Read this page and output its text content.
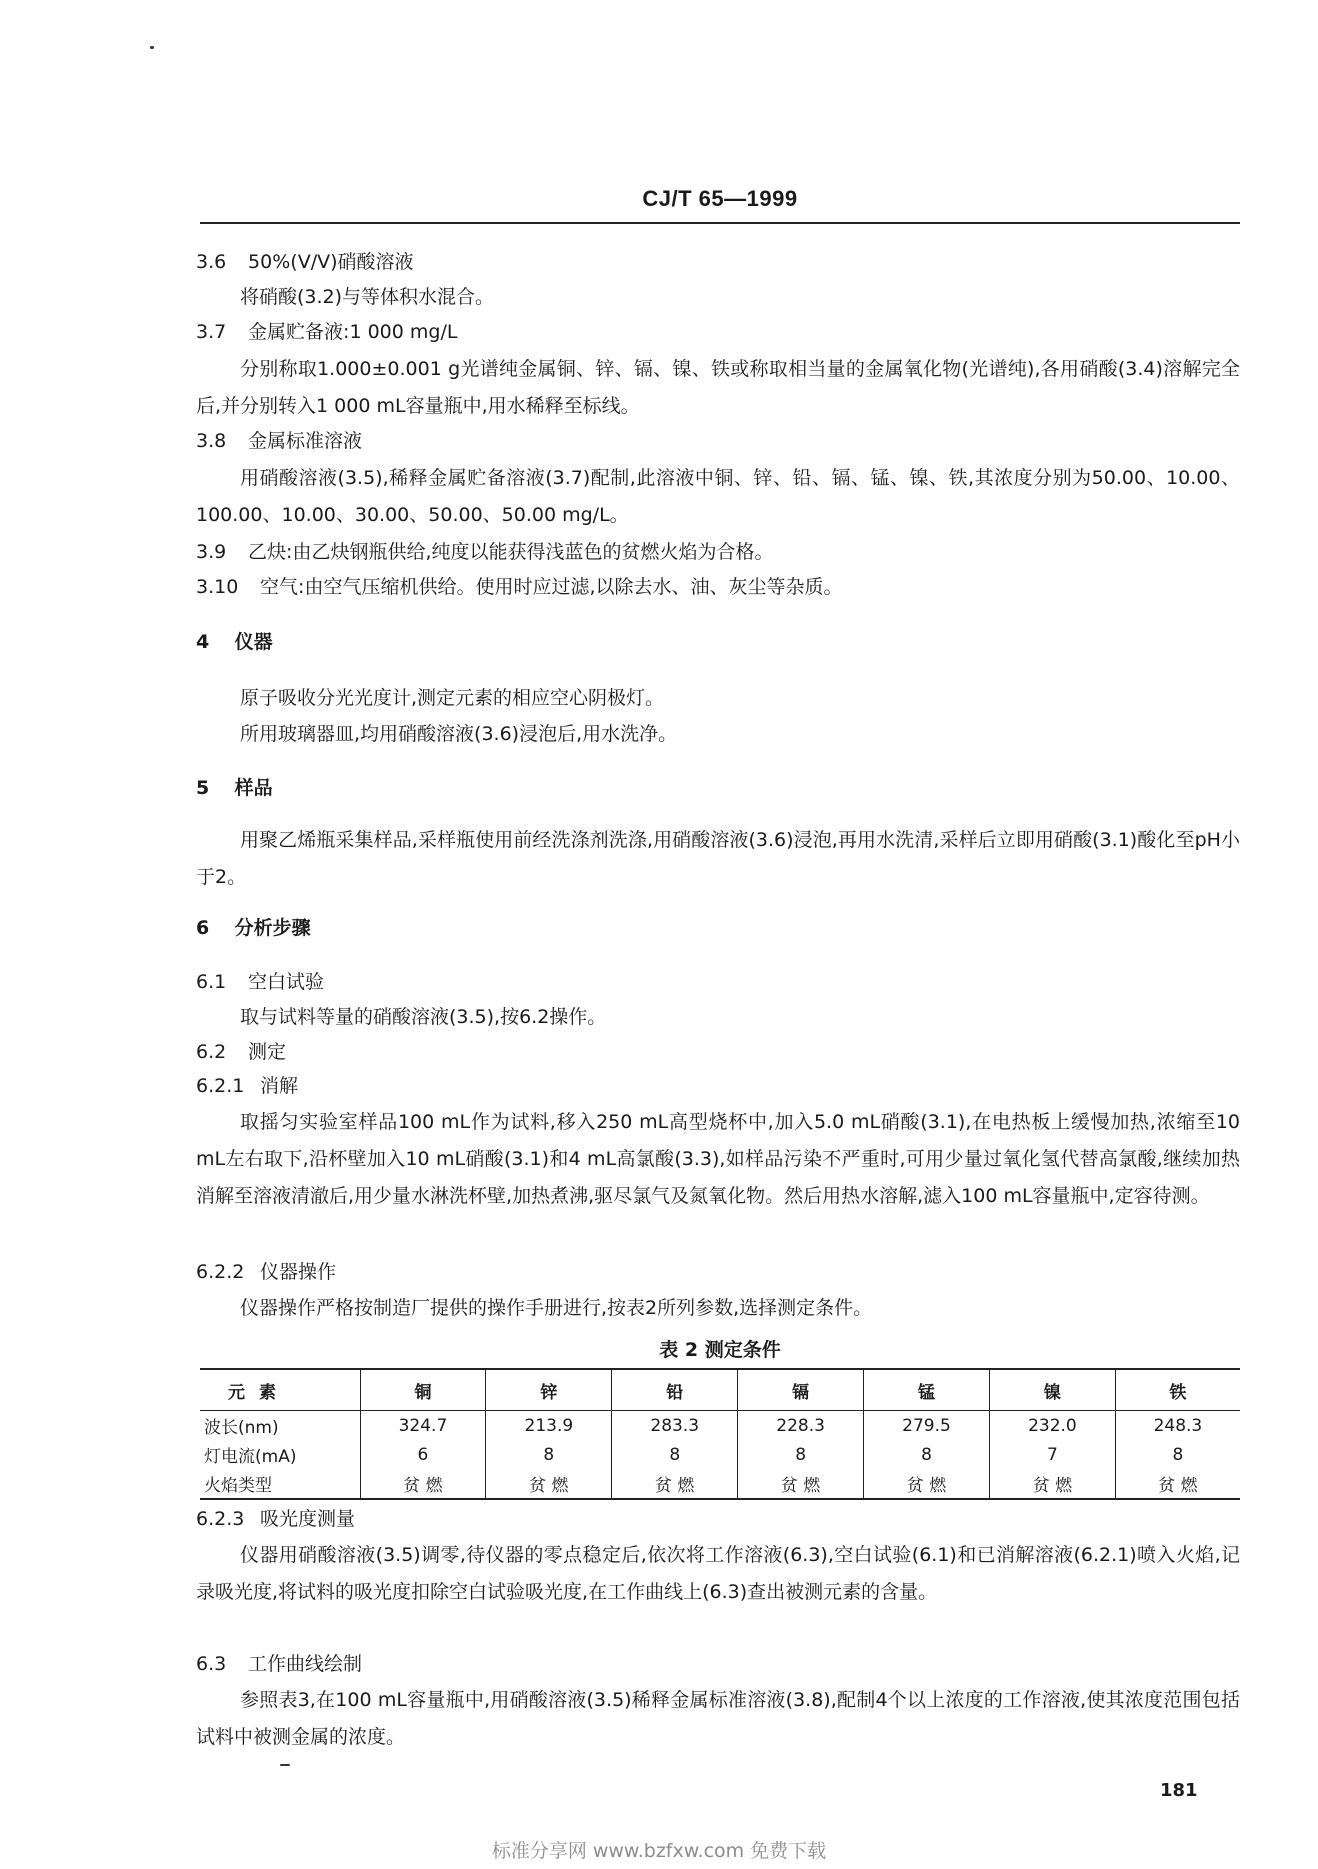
CJ/T 65—1999
3.6 50%(V/V)硝酸溶液
将硝酸(3.2)与等体积水混合。
3.7 金属贮备液:1 000 mg/L
分别称取1.000±0.001 g光谱纯金属铜、锌、镉、镍、铁或称取相当量的金属氧化物(光谱纯),各用硝酸(3.4)溶解完全后,并分别转入1 000 mL容量瓶中,用水稀释至标线。
3.8 金属标准溶液
用硝酸溶液(3.5),稀释金属贮备溶液(3.7)配制,此溶液中铜、锌、铅、镉、锰、镍、铁,其浓度分别为50.00、10.00、100.00、10.00、30.00、50.00、50.00 mg/L。
3.9 乙炔:由乙炔钢瓶供给,纯度以能获得浅蓝色的贫燃火焰为合格。
3.10 空气:由空气压缩机供给。使用时应过滤,以除去水、油、灰尘等杂质。
4 仪器
原子吸收分光光度计,测定元素的相应空心阴极灯。
所用玻璃器皿,均用硝酸溶液(3.6)浸泡后,用水洗净。
5 样品
用聚乙烯瓶采集样品,采样瓶使用前经洗涤剂洗涤,用硝酸溶液(3.6)浸泡,再用水洗清,采样后立即用硝酸(3.1)酸化至pH小于2。
6 分析步骤
6.1 空白试验
取与试料等量的硝酸溶液(3.5),按6.2操作。
6.2 测定
6.2.1 消解
取摇匀实验室样品100 mL作为试料,移入250 mL高型烧杯中,加入5.0 mL硝酸(3.1),在电热板上缓慢加热,浓缩至10 mL左右取下,沿杯壁加入10 mL硝酸(3.1)和4 mL高氯酸(3.3),如样品污染不严重时,可用少量过氧化氢代替高氯酸,继续加热消解至溶液清澈后,用少量水淋洗杯壁,加热煮沸,驱尽氯气及氮氧化物。然后用热水溶解,滤入100 mL容量瓶中,定容待测。
6.2.2 仪器操作
仪器操作严格按制造厂提供的操作手册进行,按表2所列参数,选择测定条件。
表 2 测定条件
元素	铜	锌	铅	镉	锰	镍	铁
波长(nm)	324.7	213.9	283.3	228.3	279.5	232.0	248.3
灯电流(mA)	6	8	8	8	8	7	8
火焰类型	贫 燃	贫 燃	贫 燃	贫 燃	贫 燃	贫 燃	贫 燃
6.2.3 吸光度测量
仪器用硝酸溶液(3.5)调零,待仪器的零点稳定后,依次将工作溶液(6.3),空白试验(6.1)和已消解溶液(6.2.1)喷入火焰,记录吸光度,将试料的吸光度扣除空白试验吸光度,在工作曲线上(6.3)查出被测元素的含量。
6.3 工作曲线绘制
参照表3,在100 mL容量瓶中,用硝酸溶液(3.5)稀释金属标准溶液(3.8),配制4个以上浓度的工作溶液,使其浓度范围包括试料中被测金属的浓度。
181
标准分享网 www.bzfxw.com 免费下载
